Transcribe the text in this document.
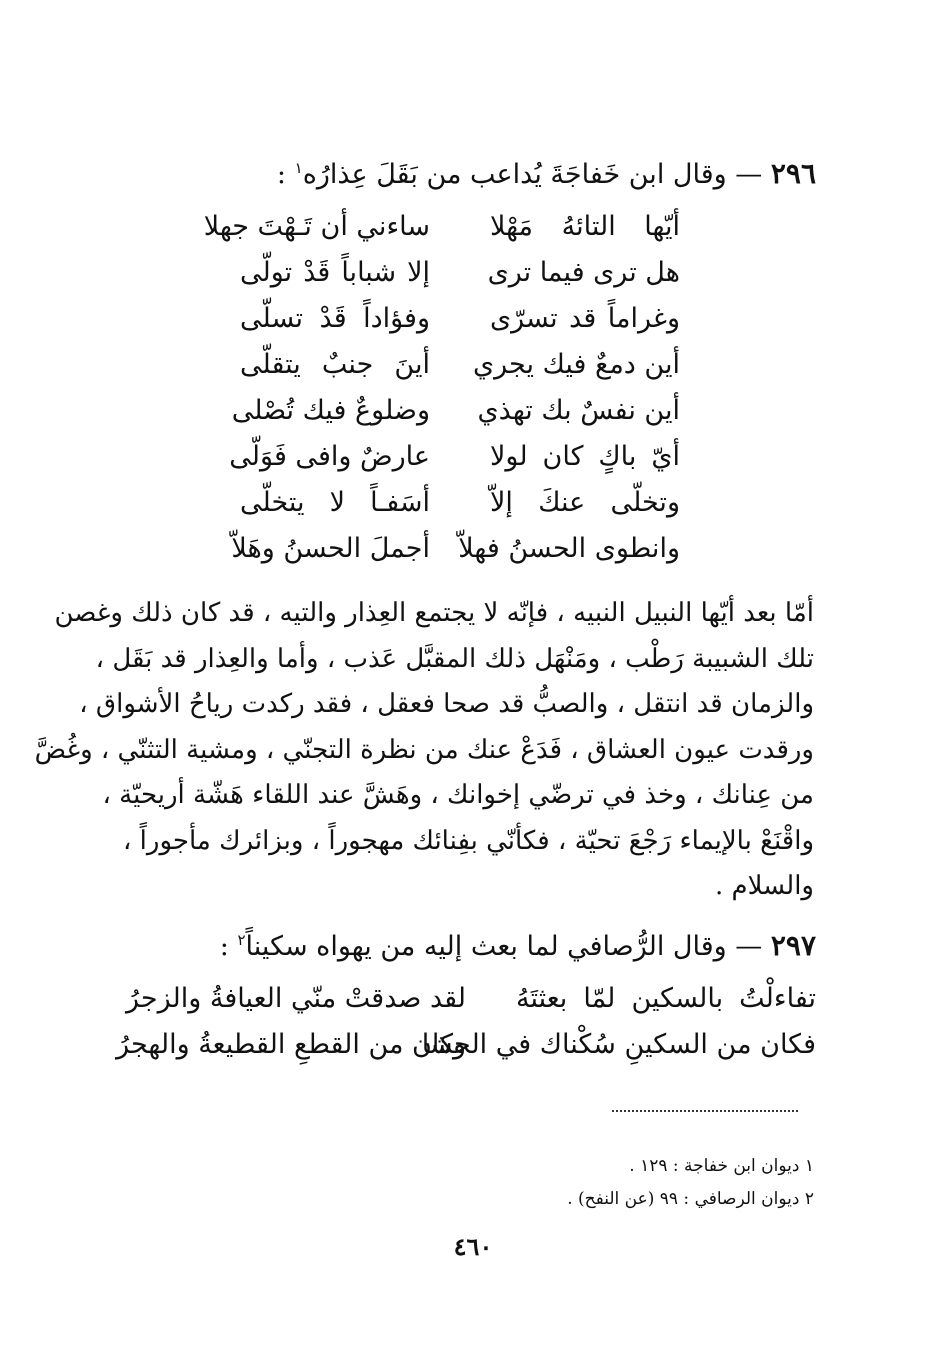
٢٩٦ — وقال ابن خَفاجَةَ يُداعب من بَقَلَ عِذارُه$^١$ :
أيّها التائهُ مَهْلا
ساءني أن تَـهْتَ جهلا
هل ترى فيما ترى
إلا شباباً قَدْ تولّى
وغراماً قد تسرّى
وفؤاداً قَدْ تسلّى
أين دمعٌ فيك يجري
أينَ جنبٌ يتقلّى
أين نفسٌ بك تهذي
وضلوعٌ فيك تُصْلى
أيّ باكٍ كان لولا
عارضٌ وافى فَوَلّى
وتخلّى عنكَ إلاّ
أسَفـاً لا يتخلّى
وانطوى الحسنُ فهلاّ
أجملَ الحسنُ وهَلاّ
أمّا بعد أيّها النبيل النبيه ، فإنّه لا يجتمع العِذار والتيه ، قد كان ذلك وغصن
تلك الشبيبة رَطْب ، ومَنْهَل ذلك المقبَّل عَذب ، وأما والعِذار قد بَقَل ،
والزمان قد انتقل ، والصبُّ قد صحا فعقل ، فقد ركدت رياحُ الأشواق ،
ورقدت عيون العشاق ، فَدَعْ عنك من نظرة التجنّي ، ومشية التثنّي ، وغُضَّ
من عِنانك ، وخذ في ترضّي إخوانك ، وهَشَّ عند اللقاء هَشّة أريحيّة ،
واقْنَعْ بالإيماء رَجْعَ تحيّة ، فكأنّي بفِنائك مهجوراً ، وبزائرك مأجوراً ،
والسلام .
٢٩٧ — وقال الرُّصافي لما بعث إليه من يهواه سكيناً$^٢$ :
تفاءلْتُ بالسكين لمّا بعثتَهُ
لقد صدقتْ منّي العيافةُ والزجرُ
فكان من السكينِ سُكْناك في الحشا
وكان من القطعِ القطيعةُ والهجرُ
١ ديوان ابن خفاجة : ١٢٩ .
٢ ديوان الرصافي : ٩٩ (عن النفح) .
٤٦٠
